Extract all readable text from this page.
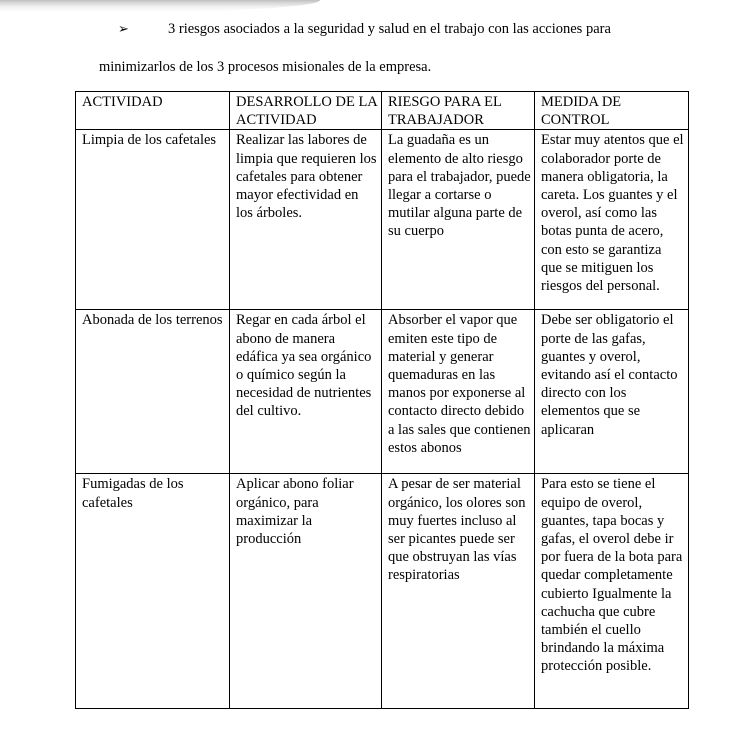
➢	3 riesgos asociados a la seguridad y salud en el trabajo con las acciones para
minimizarlos de los 3 procesos misionales de la empresa.
ACTIVIDAD	DESARROLLO DE LA ACTIVIDAD	RIESGO PARA EL TRABAJADOR	MEDIDA DE CONTROL
Limpia de los cafetales	Realizar las labores de limpia que requieren los cafetales para obtener mayor efectividad en los árboles.	La guadaña es un elemento de alto riesgo para el trabajador, puede llegar a cortarse o mutilar alguna parte de su cuerpo	Estar muy atentos que el colaborador porte de manera obligatoria, la careta. Los guantes y el overol, así como las botas punta de acero, con esto se garantiza que se mitiguen los riesgos del personal.
Abonada de los terrenos	Regar en cada árbol el abono de manera edáfica ya sea orgánico o químico según la necesidad de nutrientes del cultivo.	Absorber el vapor que emiten este tipo de material y generar quemaduras en las manos por exponerse al contacto directo debido a las sales que contienen estos abonos	Debe ser obligatorio el porte de las gafas, guantes y overol, evitando así el contacto directo con los elementos que se aplicaran
Fumigadas de los cafetales	Aplicar abono foliar orgánico, para maximizar la producción	A pesar de ser material orgánico, los olores son muy fuertes incluso al ser picantes puede ser que obstruyan las vías respiratorias	Para esto se tiene el equipo de overol, guantes, tapa bocas y gafas, el overol debe ir por fuera de la bota para quedar completamente cubierto Igualmente la cachucha que cubre también el cuello brindando la máxima protección posible.
